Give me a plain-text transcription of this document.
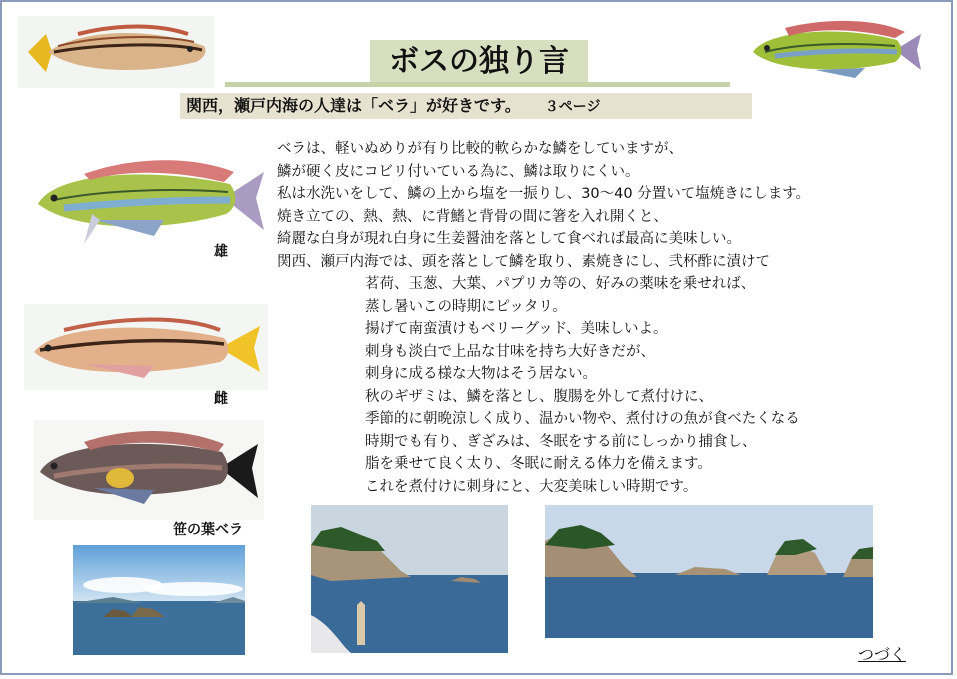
ボスの独り言
関西，瀬戸内海の人達は「ベラ」が好きです。 ３ページ
雄
雌
笹の葉ベラ
ベラは、軽いぬめりが有り比較的軟らかな鱗をしていますが、
鱗が硬く皮にコビリ付いている為に、鱗は取りにくい。
私は水洗いをして、鱗の上から塩を一振りし、30～40 分置いて塩焼きにします。
焼き立ての、熱、熱、に背鰭と背骨の間に箸を入れ開くと、
綺麗な白身が現れ白身に生姜醤油を落として食べれば最高に美味しい。
関西、瀬戸内海では、頭を落として鱗を取り、素焼きにし、弐杯酢に漬けて
茗荷、玉葱、大葉、パプリカ等の、好みの薬味を乗せれば、
蒸し暑いこの時期にピッタリ。
揚げて南蛮漬けもベリーグッド、美味しいよ。
刺身も淡白で上品な甘味を持ち大好きだが、
刺身に成る様な大物はそう居ない。
秋のギザミは、鱗を落とし、腹腸を外して煮付けに、
季節的に朝晩涼しく成り、温かい物や、煮付けの魚が食べたくなる
時期でも有り、ぎざみは、冬眠をする前にしっかり捕食し、
脂を乗せて良く太り、冬眠に耐える体力を備えます。
これを煮付けに刺身にと、大変美味しい時期です。
つづく
